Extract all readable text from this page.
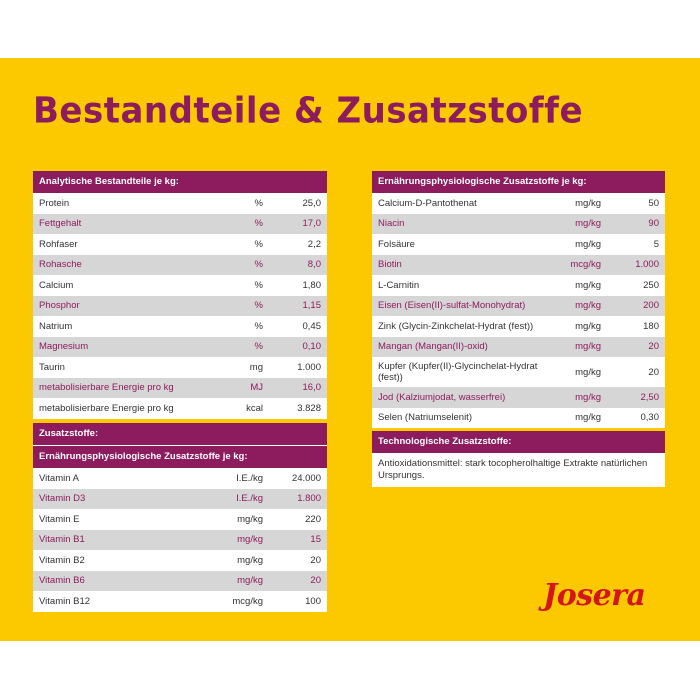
Bestandteile & Zusatzstoffe
Analytische Bestandteile je kg:
Protein	%	25,0
Fettgehalt	%	17,0
Rohfaser	%	2,2
Rohasche	%	8,0
Calcium	%	1,80
Phosphor	%	1,15
Natrium	%	0,45
Magnesium	%	0,10
Taurin	mg	1.000
metabolisierbare Energie pro kg	MJ	16,0
metabolisierbare Energie pro kg	kcal	3.828
Zusatzstoffe:
Ernährungsphysiologische Zusatzstoffe je kg:
Vitamin A	I.E./kg	24.000
Vitamin D3	I.E./kg	1.800
Vitamin E	mg/kg	220
Vitamin B1	mg/kg	15
Vitamin B2	mg/kg	20
Vitamin B6	mg/kg	20
Vitamin B12	mcg/kg	100
Ernährungsphysiologische Zusatzstoffe je kg:
Calcium-D-Pantothenat	mg/kg	50
Niacin	mg/kg	90
Folsäure	mg/kg	5
Biotin	mcg/kg	1.000
L-Carnitin	mg/kg	250
Eisen (Eisen(II)-sulfat-Monohydrat)	mg/kg	200
Zink (Glycin-Zinkchelat-Hydrat (fest))	mg/kg	180
Mangan (Mangan(II)-oxid)	mg/kg	20
Kupfer (Kupfer(II)-Glycinchelat-Hydrat (fest))	mg/kg	20
Jod (Kalziumjodat, wasserfrei)	mg/kg	2,50
Selen (Natriumselenit)	mg/kg	0,30
Technologische Zusatzstoffe:
Antioxidationsmittel: stark tocopherolhaltige Extrakte natürlichen Ursprungs.
Josera
